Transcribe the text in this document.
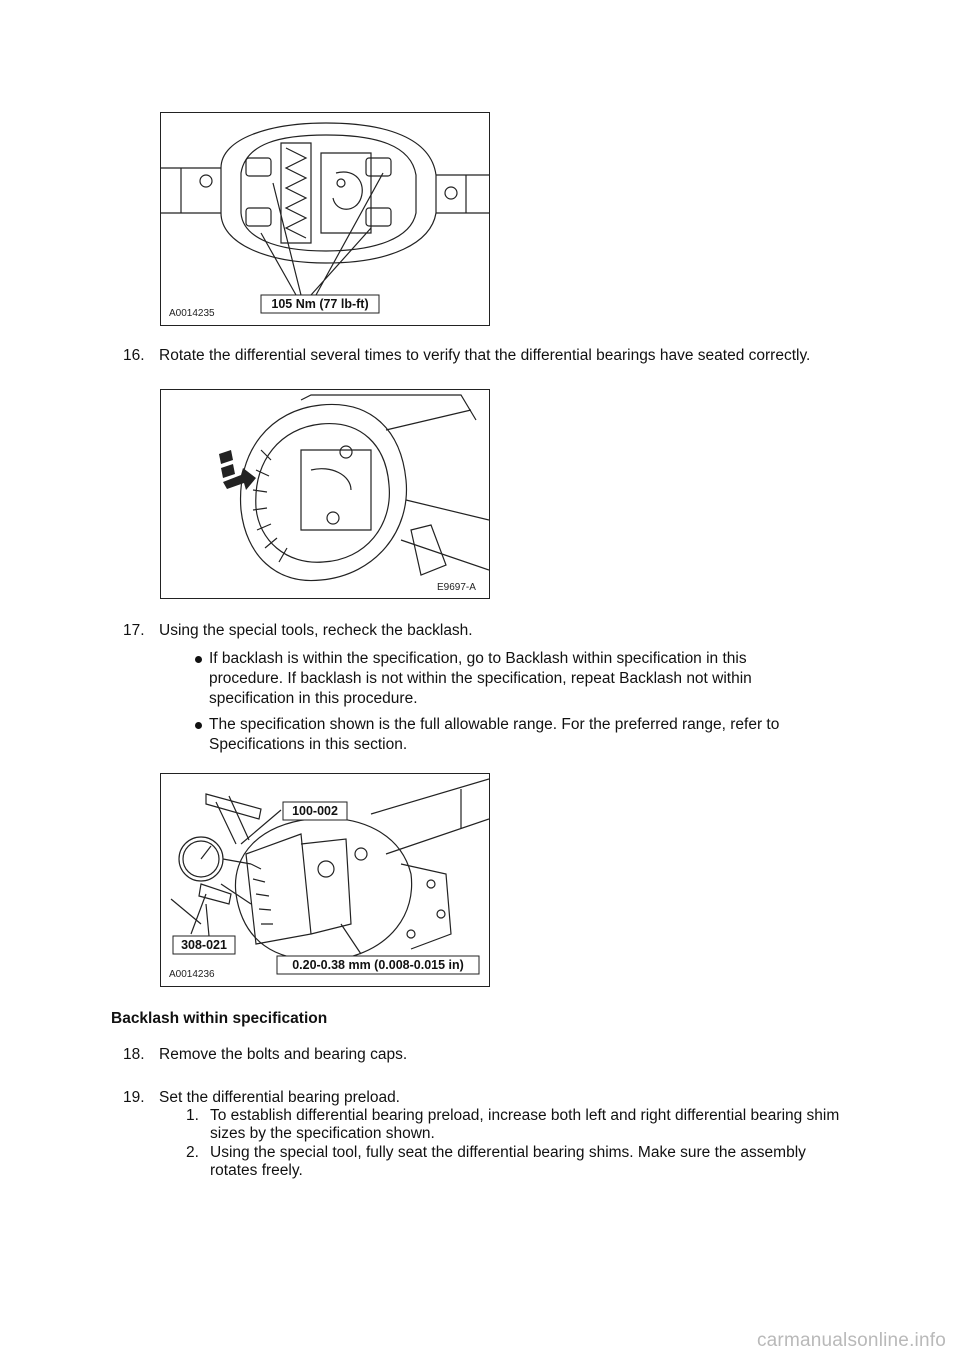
105 Nm (77 lb-ft)
A0014235
16. Rotate the differential several times to verify that the differential bearings have seated correctly.
E9697-A
17. Using the special tools, recheck the backlash.
If backlash is within the specification, go to Backlash within specification in this procedure. If backlash is not within the specification, repeat Backlash not within specification in this procedure.
The specification shown is the full allowable range. For the preferred range, refer to Specifications in this section.
100-002
308-021
0.20-0.38 mm (0.008-0.015 in)
A0014236
Backlash within specification
18. Remove the bolts and bearing caps.
19. Set the differential bearing preload.
1. To establish differential bearing preload, increase both left and right differential bearing shim sizes by the specification shown.
2. Using the special tool, fully seat the differential bearing shims. Make sure the assembly rotates freely.
carmanualsonline.info
